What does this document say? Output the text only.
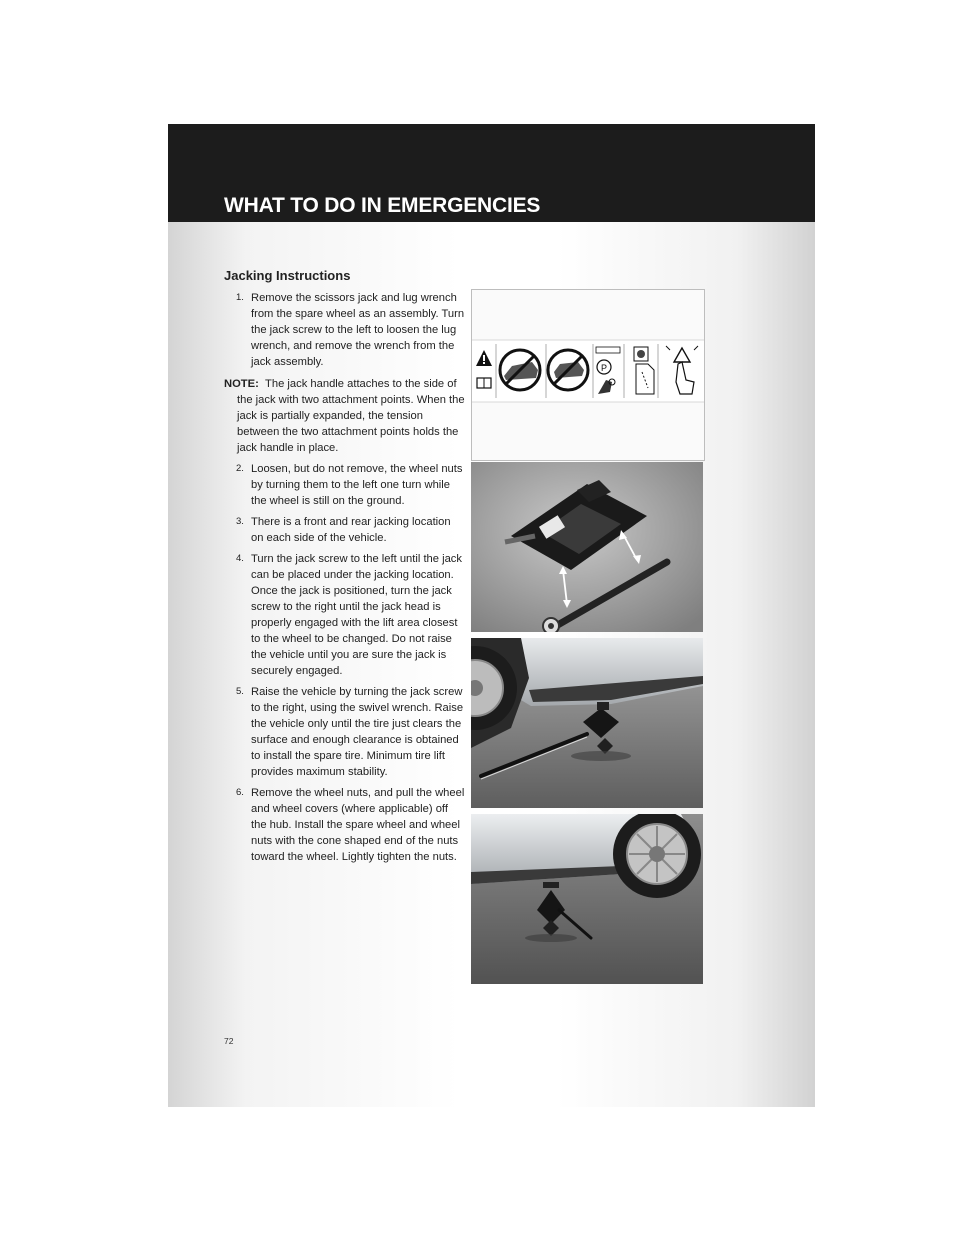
WHAT TO DO IN EMERGENCIES
Jacking Instructions
1. Remove the scissors jack and lug wrench from the spare wheel as an assembly. Turn the jack screw to the left to loosen the lug wrench, and remove the wrench from the jack assembly.

NOTE: The jack handle attaches to the side of the jack with two attachment points. When the jack is partially expanded, the tension between the two attachment points holds the jack handle in place.

2. Loosen, but do not remove, the wheel nuts by turning them to the left one turn while the wheel is still on the ground.
3. There is a front and rear jacking location on each side of the vehicle.
4. Turn the jack screw to the left until the jack can be placed under the jacking location. Once the jack is positioned, turn the jack screw to the right until the jack head is properly engaged with the lift area closest to the wheel to be changed. Do not raise the vehicle until you are sure the jack is securely engaged.
5. Raise the vehicle by turning the jack screw to the right, using the swivel wrench. Raise the vehicle only until the tire just clears the surface and enough clearance is obtained to install the spare tire. Minimum tire lift provides maximum stability.
6. Remove the wheel nuts, and pull the wheel and wheel covers (where applicable) off the hub. Install the spare wheel and wheel nuts with the cone shaped end of the nuts toward the wheel. Lightly tighten the nuts.
P
72
